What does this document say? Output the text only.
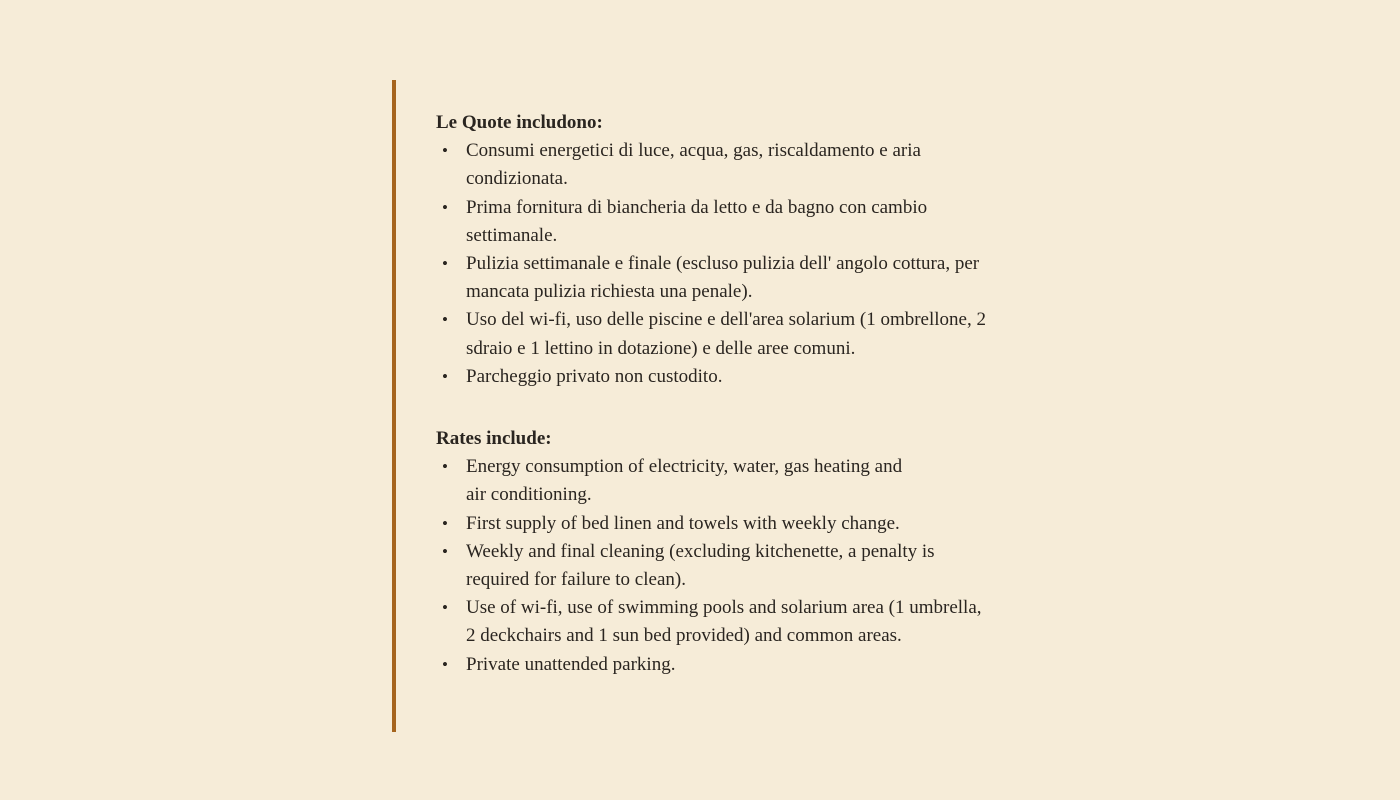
Le Quote includono:

• Consumi energetici di luce, acqua, gas, riscaldamento e aria
condizionata.
• Prima fornitura di biancheria da letto e da bagno con cambio
settimanale.
• Pulizia settimanale e finale (escluso pulizia dell' angolo cottura, per
mancata pulizia richiesta una penale).
• Uso del wi-fi, uso delle piscine e dell'area solarium (1 ombrellone, 2
sdraio e 1 lettino in dotazione) e delle aree comuni.
• Parcheggio privato non custodito.

Rates include:

• Energy consumption of electricity, water, gas heating and
air conditioning.
• First supply of bed linen and towels with weekly change.
• Weekly and final cleaning (excluding kitchenette, a penalty is
required for failure to clean).
• Use of wi-fi, use of swimming pools and solarium area (1 umbrella,
2 deckchairs and 1 sun bed provided) and common areas.
• Private unattended parking.
